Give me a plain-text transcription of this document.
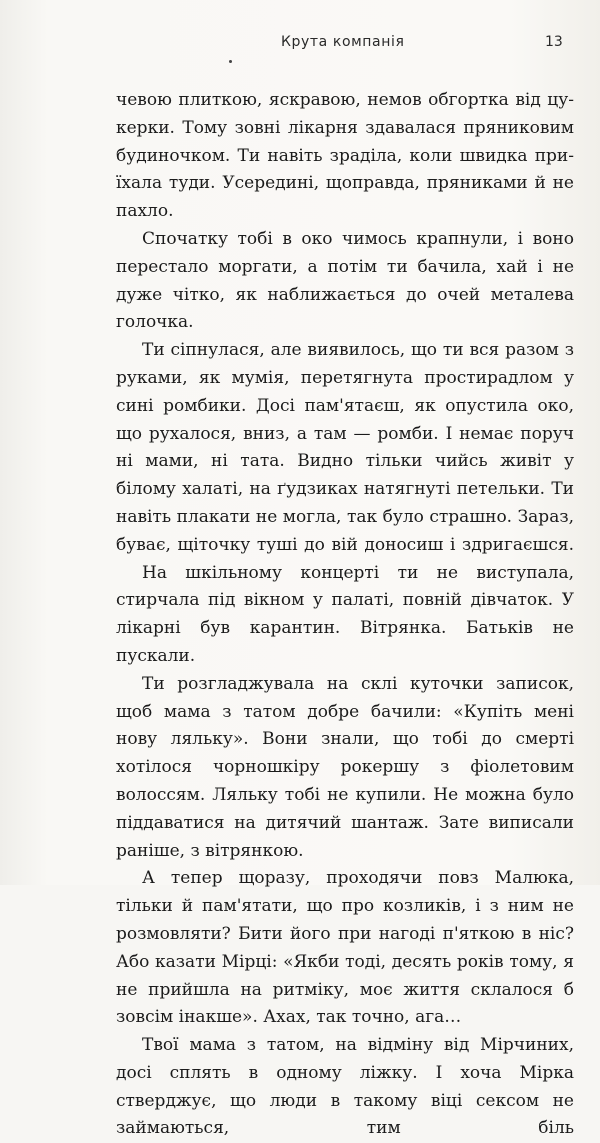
Крута компанія	13

чевою плиткою, яскравою, немов обгортка від цукерки. Тому зовні лікарня здавалася пряниковим будиночком. Ти навіть зраділа, коли швидка приїхала туди. Усередині, щоправда, пряниками й не пахло.

Спочатку тобі в око чимось крапнули, і воно перестало моргати, а потім ти бачила, хай і не дуже чітко, як наближається до очей металева голочка.

Ти сіпнулася, але виявилось, що ти вся разом з руками, як мумія, перетягнута простирадлом у сині ромбики. Досі пам'ятаєш, як опустила око, що рухалося, вниз, а там — ромби. І немає поруч ні мами, ні тата. Видно тільки чийсь живіт у білому халаті, на ґудзиках натягнуті петельки. Ти навіть плакати не могла, так було страшно. Зараз, буває, щіточку туші до вій доносиш і здригаєшся.

На шкільному концерті ти не виступала, стирчала під вікном у палаті, повній дівчаток. У лікарні був карантин. Вітрянка. Батьків не пускали.

Ти розгладжувала на склі куточки записок, щоб мама з татом добре бачили: «Купіть мені нову ляльку». Вони знали, що тобі до смерті хотілося чорношкіру рокершу з фіолетовим волоссям. Ляльку тобі не купили. Не можна було піддаватися на дитячий шантаж. Зате виписали раніше, з вітрянкою.

А тепер щоразу, проходячи повз Малюка, тільки й пам'ятати, що про козликів, і з ним не розмовляти? Бити його при нагоді п'яткою в ніс? Або казати Мірці: «Якби тоді, десять років тому, я не прийшла на ритміку, моє життя склалося б зовсім інакше». Ахах, так точно, ага…

Твої мама з татом, на відміну від Мірчиних, досі сплять в одному ліжку. І хоча Мірка стверджує, що люди в такому віці сексом не займаються, тим біль
